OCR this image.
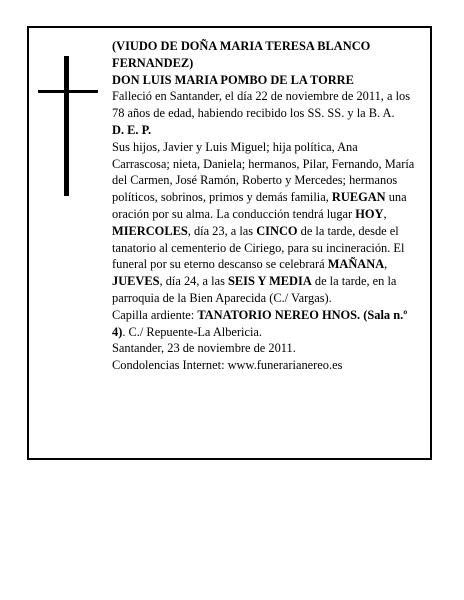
(VIUDO DE DOÑA MARIA TERESA BLANCO FERNANDEZ)

DON LUIS MARIA POMBO DE LA TORRE

Falleció en Santander, el día 22 de noviembre de 2011, a los 78 años de edad, habiendo recibido los SS. SS. y la B. A.

D. E. P.

Sus hijos, Javier y Luis Miguel; hija política, Ana Carrascosa; nieta, Daniela; hermanos, Pilar, Fernando, María del Carmen, José Ramón, Roberto y Mercedes; hermanos políticos, sobrinos, primos y demás familia, RUEGAN una oración por su alma. La conducción tendrá lugar HOY, MIERCOLES, día 23, a las CINCO de la tarde, desde el tanatorio al cementerio de Ciriego, para su incineración. El funeral por su eterno descanso se celebrará MAÑANA, JUEVES, día 24, a las SEIS Y MEDIA de la tarde, en la parroquia de la Bien Aparecida (C./ Vargas).

Capilla ardiente: TANATORIO NEREO HNOS. (Sala n.º 4). C./ Repuente-La Albericia.

Santander, 23 de noviembre de 2011.

Condolencias Internet: www.funerarianereo.es
